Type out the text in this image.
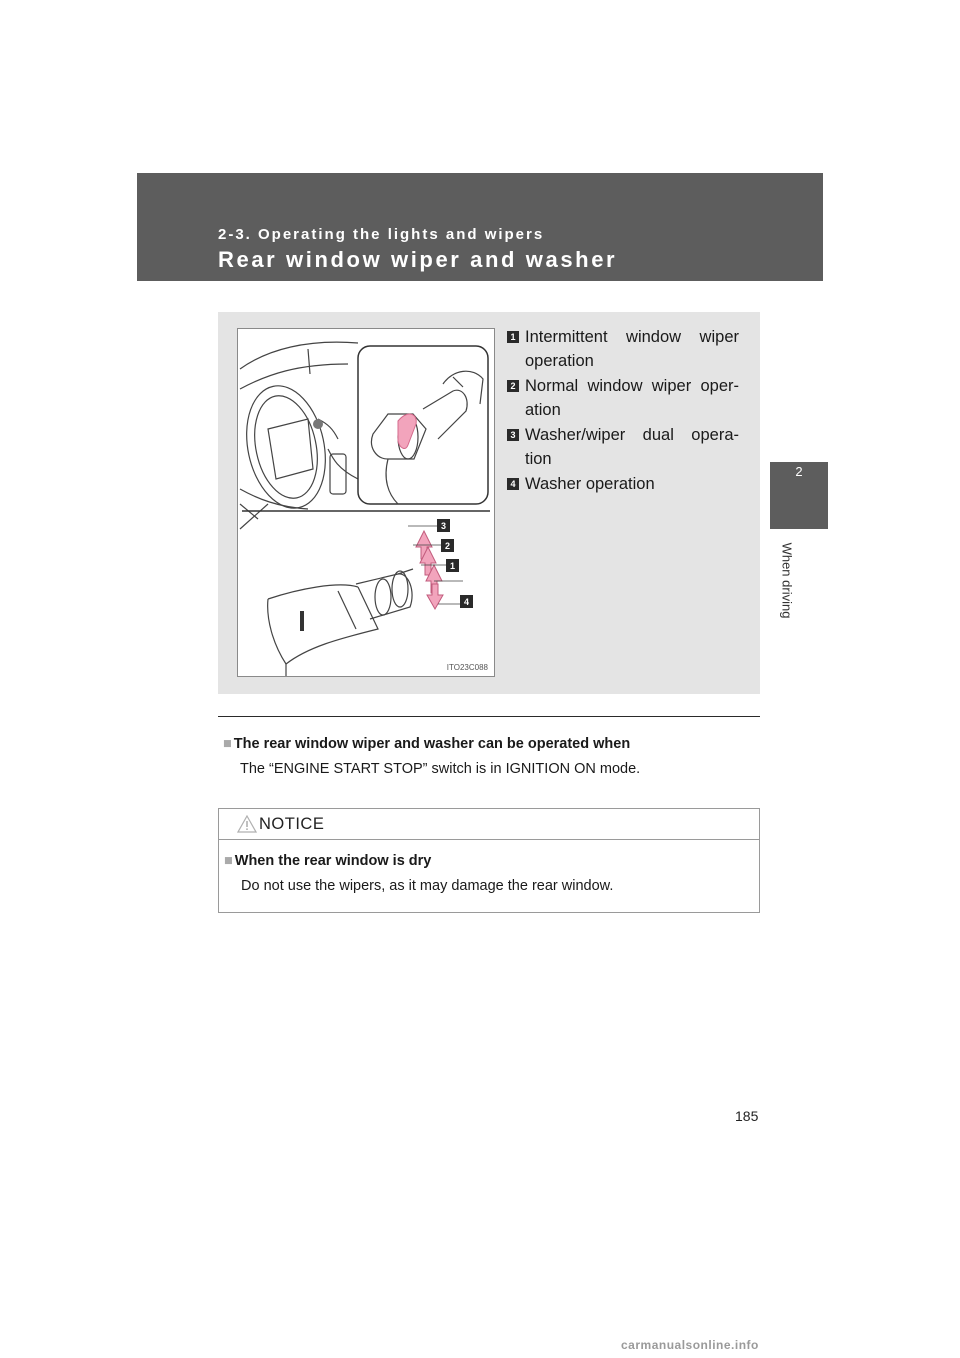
2-3. Operating the lights and wipers
Rear window wiper and washer
2
When driving
3
2
1
4
ITO23C088
1 Intermittent window wiper operation
2 Normal window wiper oper-ation
3 Washer/wiper dual opera-tion
4 Washer operation
■ The rear window wiper and washer can be operated when
The “ENGINE START STOP” switch is in IGNITION ON mode.
NOTICE
■ When the rear window is dry
Do not use the wipers, as it may damage the rear window.
185
carmanualsonline.info
